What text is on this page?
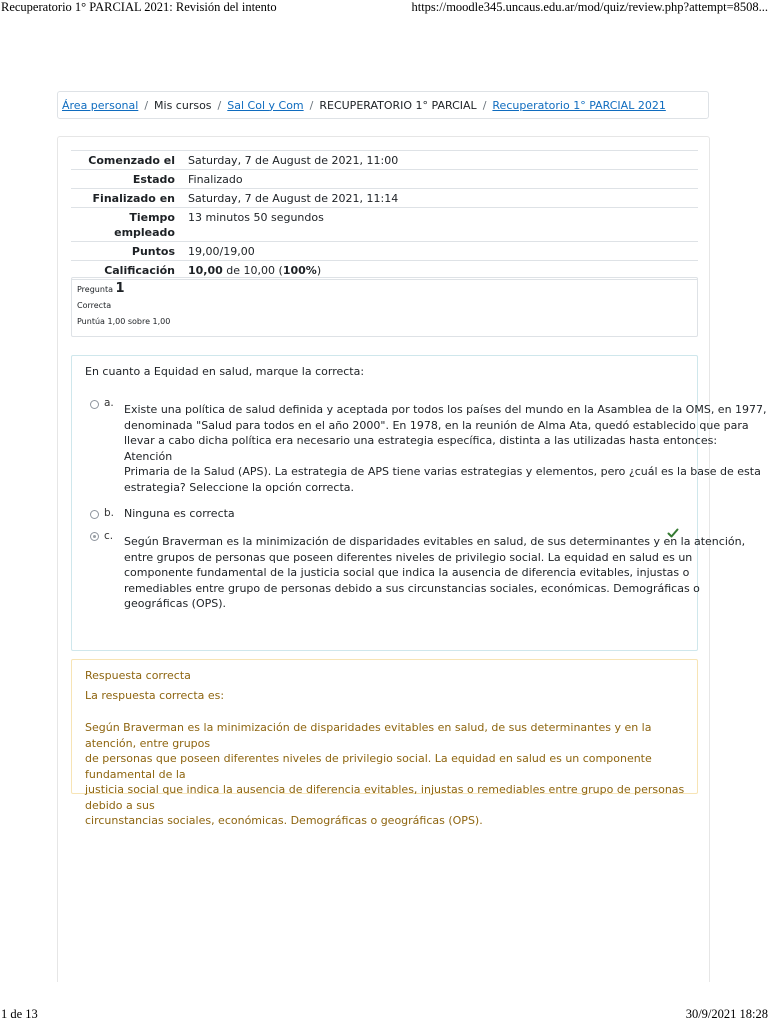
Recuperatorio 1° PARCIAL 2021: Revisión del intento	https://moodle345.uncaus.edu.ar/mod/quiz/review.php?attempt=8508...
Área personal / Mis cursos / Sal Col y Com / RECUPERATORIO 1° PARCIAL / Recuperatorio 1° PARCIAL 2021
Comenzado el	Saturday, 7 de August de 2021, 11:00
Estado	Finalizado
Finalizado en	Saturday, 7 de August de 2021, 11:14
Tiempo
empleado	13 minutos 50 segundos
Puntos	19,00/19,00
Calificación	10,00 de 10,00 (100%)
Pregunta 1
Correcta
Puntúa 1,00 sobre 1,00
En cuanto a Equidad en salud, marque la correcta:
a. Existe una política de salud definida y aceptada por todos los países del mundo en la Asamblea de la OMS, en 1977,
denominada "Salud para todos en el año 2000". En 1978, en la reunión de Alma Ata, quedó establecido que para
llevar a cabo dicha política era necesario una estrategia específica, distinta a las utilizadas hasta entonces: Atención
Primaria de la Salud (APS). La estrategia de APS tiene varias estrategias y elementos, pero ¿cuál es la base de esta
estrategia? Seleccione la opción correcta.
b. Ninguna es correcta
c. Según Braverman es la minimización de disparidades evitables en salud, de sus determinantes y en la atención,
entre grupos de personas que poseen diferentes niveles de privilegio social. La equidad en salud es un
componente fundamental de la justicia social que indica la ausencia de diferencia evitables, injustas o
remediables entre grupo de personas debido a sus circunstancias sociales, económicas. Demográficas o
geográficas (OPS).
Respuesta correcta
La respuesta correcta es:
Según Braverman es la minimización de disparidades evitables en salud, de sus determinantes y en la atención, entre grupos
de personas que poseen diferentes niveles de privilegio social. La equidad en salud es un componente fundamental de la
justicia social que indica la ausencia de diferencia evitables, injustas o remediables entre grupo de personas debido a sus
circunstancias sociales, económicas. Demográficas o geográficas (OPS).
1 de 13	30/9/2021 18:28
